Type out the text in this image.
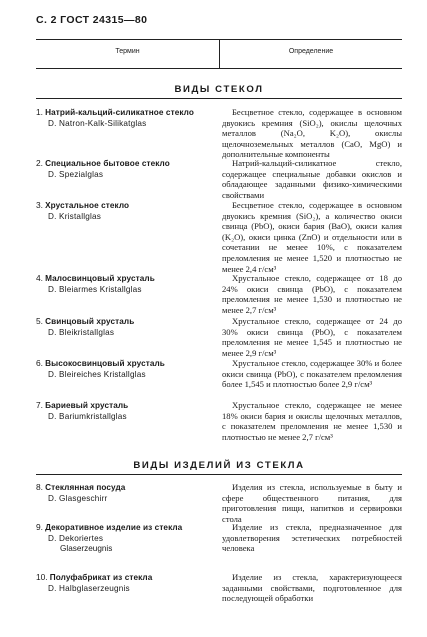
С. 2 ГОСТ 24315—80
Термин	Определение
ВИДЫ СТЕКОЛ
1. Натрий-кальций-силикатное стекло
D. Natron-Kalk-Silikatglas
Бесцветное стекло, содержащее в основном двуокись кремния (SiO₂), окислы щелочных металлов (Na₂O, K₂O), окислы щелочноземельных металлов (CaO, MgO) и дополнительные компоненты
2. Специальное бытовое стекло
D. Spezialglas
Натрий-кальций-силикатное стекло, содержащее специальные добавки окислов и обладающее заданными физико-химическими свойствами
3. Хрустальное стекло
D. Kristallglas
Бесцветное стекло, содержащее в основном двуокись кремния (SiO₂), а количество окиси свинца (PbO), окиси бария (BaO), окиси калия (K₂O), окиси цинка (ZnO) и отдельности или в сочетании не менее 10%, с показателем преломления не менее 1,520 и плотностью не менее 2,4 г/см³
4. Малосвинцовый хрусталь
D. Bleiarmes Kristallglas
Хрустальное стекло, содержащее от 18 до 24% окиси свинца (PbO), с показателем преломления не менее 1,530 и плотностью не менее 2,7 г/см³
5. Свинцовый хрусталь
D. Bleikristallglas
Хрустальное стекло, содержащее от 24 до 30% окиси свинца (PbO), с показателем преломления не менее 1,545 и плотностью не менее 2,9 г/см³
6. Высокосвинцовый хрусталь
D. Bleireiches Kristallglas
Хрустальное стекло, содержащее 30% и более окиси свинца (PbO), с показателем преломления более 1,545 и плотностью более 2,9 г/см³
7. Бариевый хрусталь
D. Bariumkristallglas
Хрустальное стекло, содержащее не менее 18% окиси бария и окислы щелочных металлов, с показателем преломления не менее 1,530 и плотностью не менее 2,7 г/см³
ВИДЫ ИЗДЕЛИЙ ИЗ СТЕКЛА
8. Стеклянная посуда
D. Glasgeschirr
Изделия из стекла, используемые в быту и сфере общественного питания, для приготовления пищи, напитков и сервировки стола
9. Декоративное изделие из стекла
D. Dekoriertes
Glaserzeugnis
Изделие из стекла, предназначенное для удовлетворения эстетических потребностей человека
10. Полуфабрикат из стекла
D. Halbglaserzeugnis
Изделие из стекла, характеризующееся заданными свойствами, подготовленное для последующей обработки
